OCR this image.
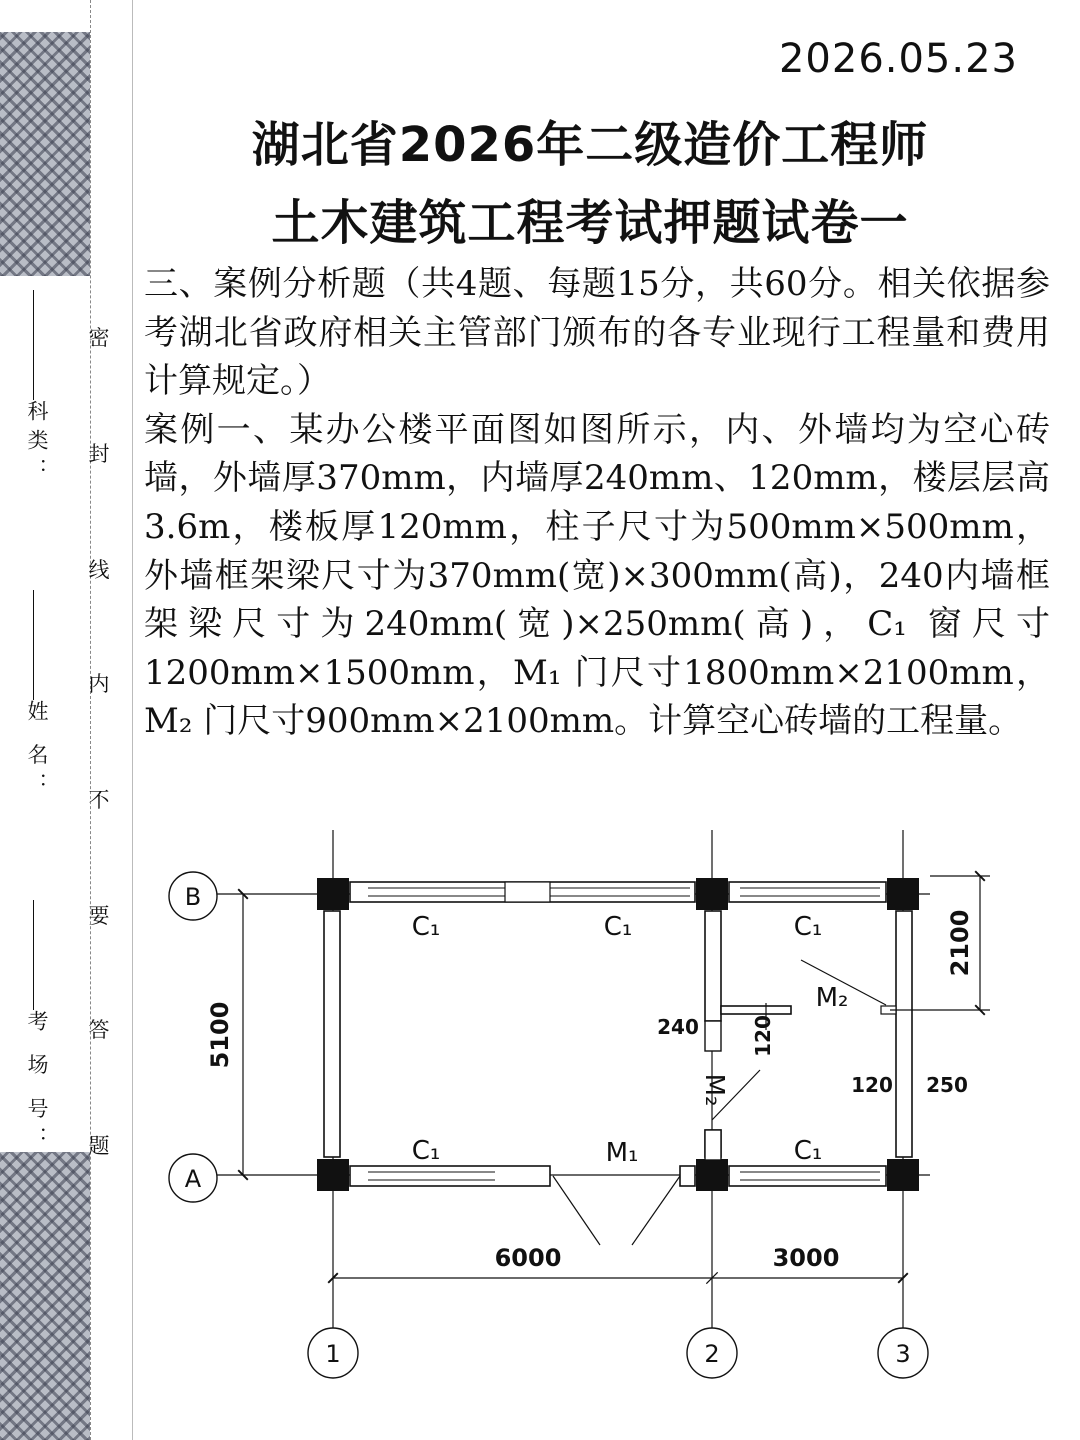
科类：
姓 名：
考 场 号：
密
封
线
内
不
要
答
题
2026.05.23
湖北省2026年二级造价工程师
土木建筑工程考试押题试卷一

三、案例分析题（共4题、每题15分，共60分。相关依据参考湖北省政府相关主管部门颁布的各专业现行工程量和费用计算规定。）

案例一、某办公楼平面图如图所示，内、外墙均为空心砖墙，外墙厚370mm，内墙厚240mm、120mm，楼层层高3.6m，楼板厚120mm，柱子尺寸为500mm×500mm，外墙框架梁尺寸为370mm(宽)×300mm(高)，240内墙框架梁尺寸为240mm(宽)×250mm(高)，C₁ 窗尺寸1200mm×1500mm，M₁ 门尺寸1800mm×2100mm，M₂ 门尺寸900mm×2100mm。计算空心砖墙的工程量。

B
A
1	2	3
6000	3000
5100
2100
240	120
120 250
C₁	C₁	C₁
C₁	C₁
M₁
M₂
M₂
